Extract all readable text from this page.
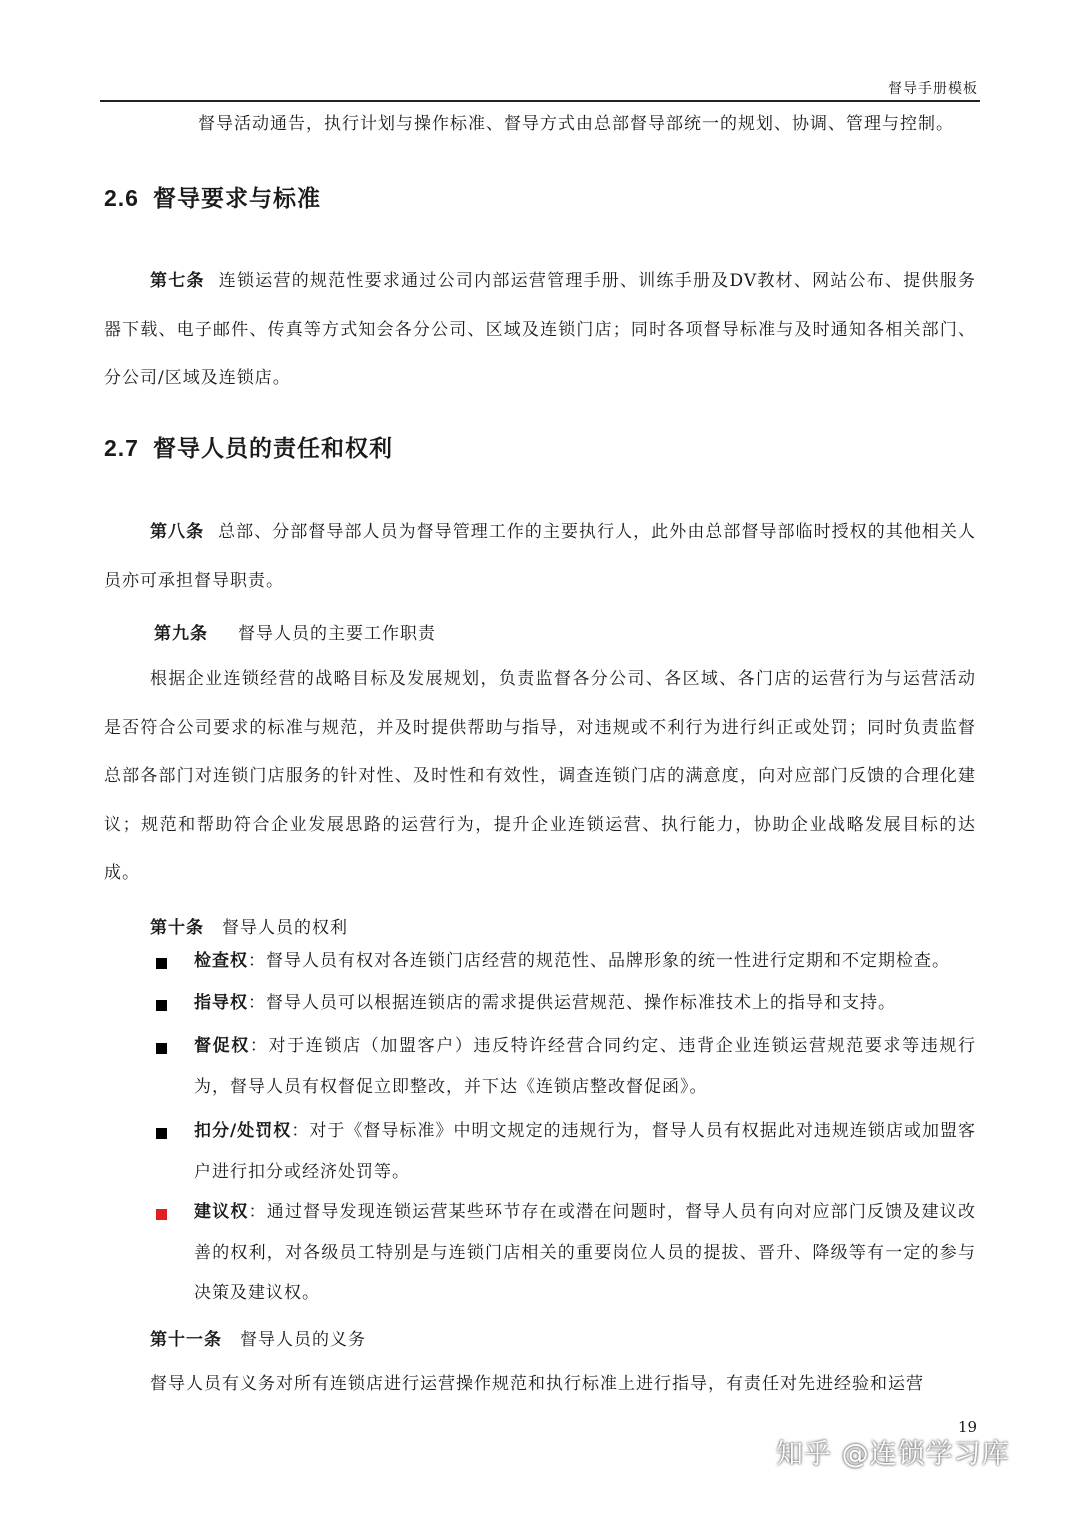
督导手册模板
督导活动通告，执行计划与操作标准、督导方式由总部督导部统一的规划、协调、管理与控制。
2.6 督导要求与标准
第七条 连锁运营的规范性要求通过公司内部运营管理手册、训练手册及DV教材、网站公布、提供服务器下载、电子邮件、传真等方式知会各分公司、区域及连锁门店；同时各项督导标准与及时通知各相关部门、分公司/区域及连锁店。
2.7 督导人员的责任和权利
第八条 总部、分部督导部人员为督导管理工作的主要执行人，此外由总部督导部临时授权的其他相关人员亦可承担督导职责。
第九条 督导人员的主要工作职责
根据企业连锁经营的战略目标及发展规划，负责监督各分公司、各区域、各门店的运营行为与运营活动是否符合公司要求的标准与规范，并及时提供帮助与指导，对违规或不利行为进行纠正或处罚；同时负责监督总部各部门对连锁门店服务的针对性、及时性和有效性，调查连锁门店的满意度，向对应部门反馈的合理化建议；规范和帮助符合企业发展思路的运营行为，提升企业连锁运营、执行能力，协助企业战略发展目标的达成。
第十条 督导人员的权利
检查权：督导人员有权对各连锁门店经营的规范性、品牌形象的统一性进行定期和不定期检查。
指导权：督导人员可以根据连锁店的需求提供运营规范、操作标准技术上的指导和支持。
督促权：对于连锁店（加盟客户）违反特许经营合同约定、违背企业连锁运营规范要求等违规行为，督导人员有权督促立即整改，并下达《连锁店整改督促函》。
扣分/处罚权：对于《督导标准》中明文规定的违规行为，督导人员有权据此对违规连锁店或加盟客户进行扣分或经济处罚等。
建议权：通过督导发现连锁运营某些环节存在或潜在问题时，督导人员有向对应部门反馈及建议改善的权利，对各级员工特别是与连锁门店相关的重要岗位人员的提拔、晋升、降级等有一定的参与决策及建议权。
第十一条 督导人员的义务
督导人员有义务对所有连锁店进行运营操作规范和执行标准上进行指导，有责任对先进经验和运营
19
知乎 @连锁学习库
